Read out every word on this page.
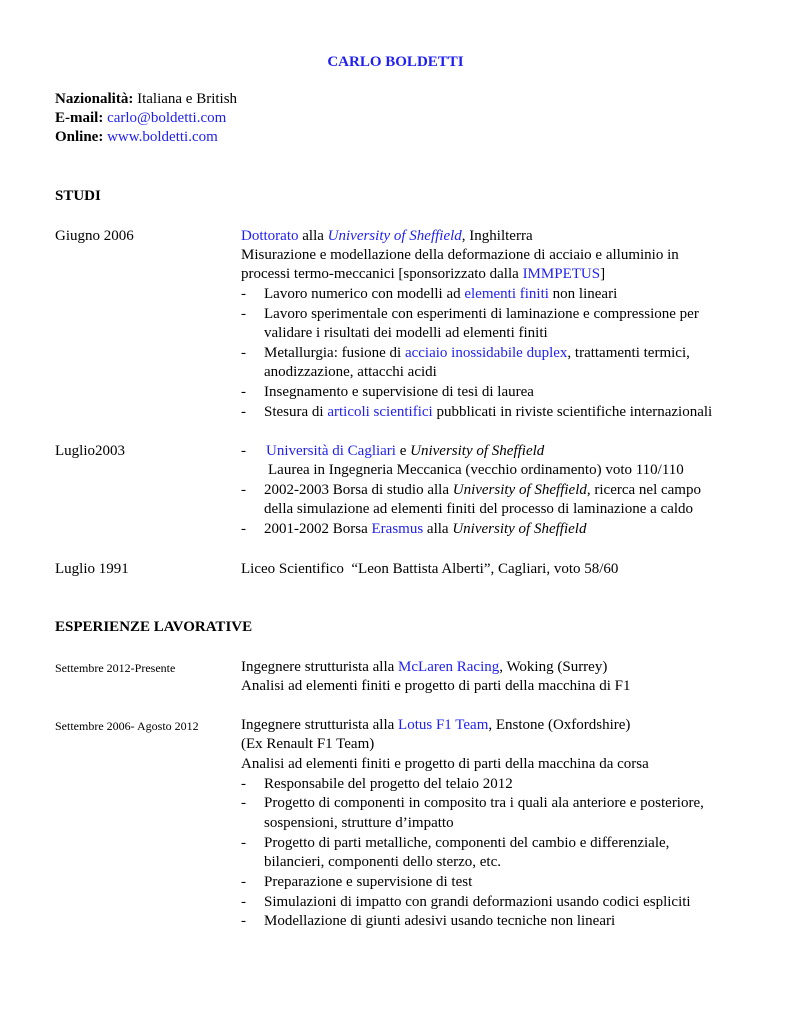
CARLO BOLDETTI
Nazionalità: Italiana e British
E-mail: carlo@boldetti.com
Online: www.boldetti.com
STUDI
Giugno 2006	Dottorato alla University of Sheffield, Inghilterra
Misurazione e modellazione della deformazione di acciaio e alluminio in
processi termo-meccanici [sponsorizzato dalla IMMPETUS]
- Lavoro numerico con modelli ad elementi finiti non lineari
- Lavoro sperimentale con esperimenti di laminazione e compressione per
validare i risultati dei modelli ad elementi finiti
- Metallurgia: fusione di acciaio inossidabile duplex, trattamenti termici,
anodizzazione, attacchi acidi
- Insegnamento e supervisione di tesi di laurea
- Stesura di articoli scientifici pubblicati in riviste scientifiche internazionali
Luglio2003	- Università di Cagliari e University of Sheffield
Laurea in Ingegneria Meccanica (vecchio ordinamento) voto 110/110
- 2002-2003 Borsa di studio alla University of Sheffield, ricerca nel campo
della simulazione ad elementi finiti del processo di laminazione a caldo
- 2001-2002 Borsa Erasmus alla University of Sheffield
Luglio 1991	Liceo Scientifico  “Leon Battista Alberti”, Cagliari, voto 58/60
ESPERIENZE LAVORATIVE
Settembre 2012-Presente	Ingegnere strutturista alla McLaren Racing, Woking (Surrey)
Analisi ad elementi finiti e progetto di parti della macchina di F1
Settembre 2006- Agosto 2012	Ingegnere strutturista alla Lotus F1 Team, Enstone (Oxfordshire)
(Ex Renault F1 Team)
Analisi ad elementi finiti e progetto di parti della macchina da corsa
- Responsabile del progetto del telaio 2012
- Progetto di componenti in composito tra i quali ala anteriore e posteriore,
sospensioni, strutture d’impatto
- Progetto di parti metalliche, componenti del cambio e differenziale,
bilancieri, componenti dello sterzo, etc.
- Preparazione e supervisione di test
- Simulazioni di impatto con grandi deformazioni usando codici espliciti
- Modellazione di giunti adesivi usando tecniche non lineari
